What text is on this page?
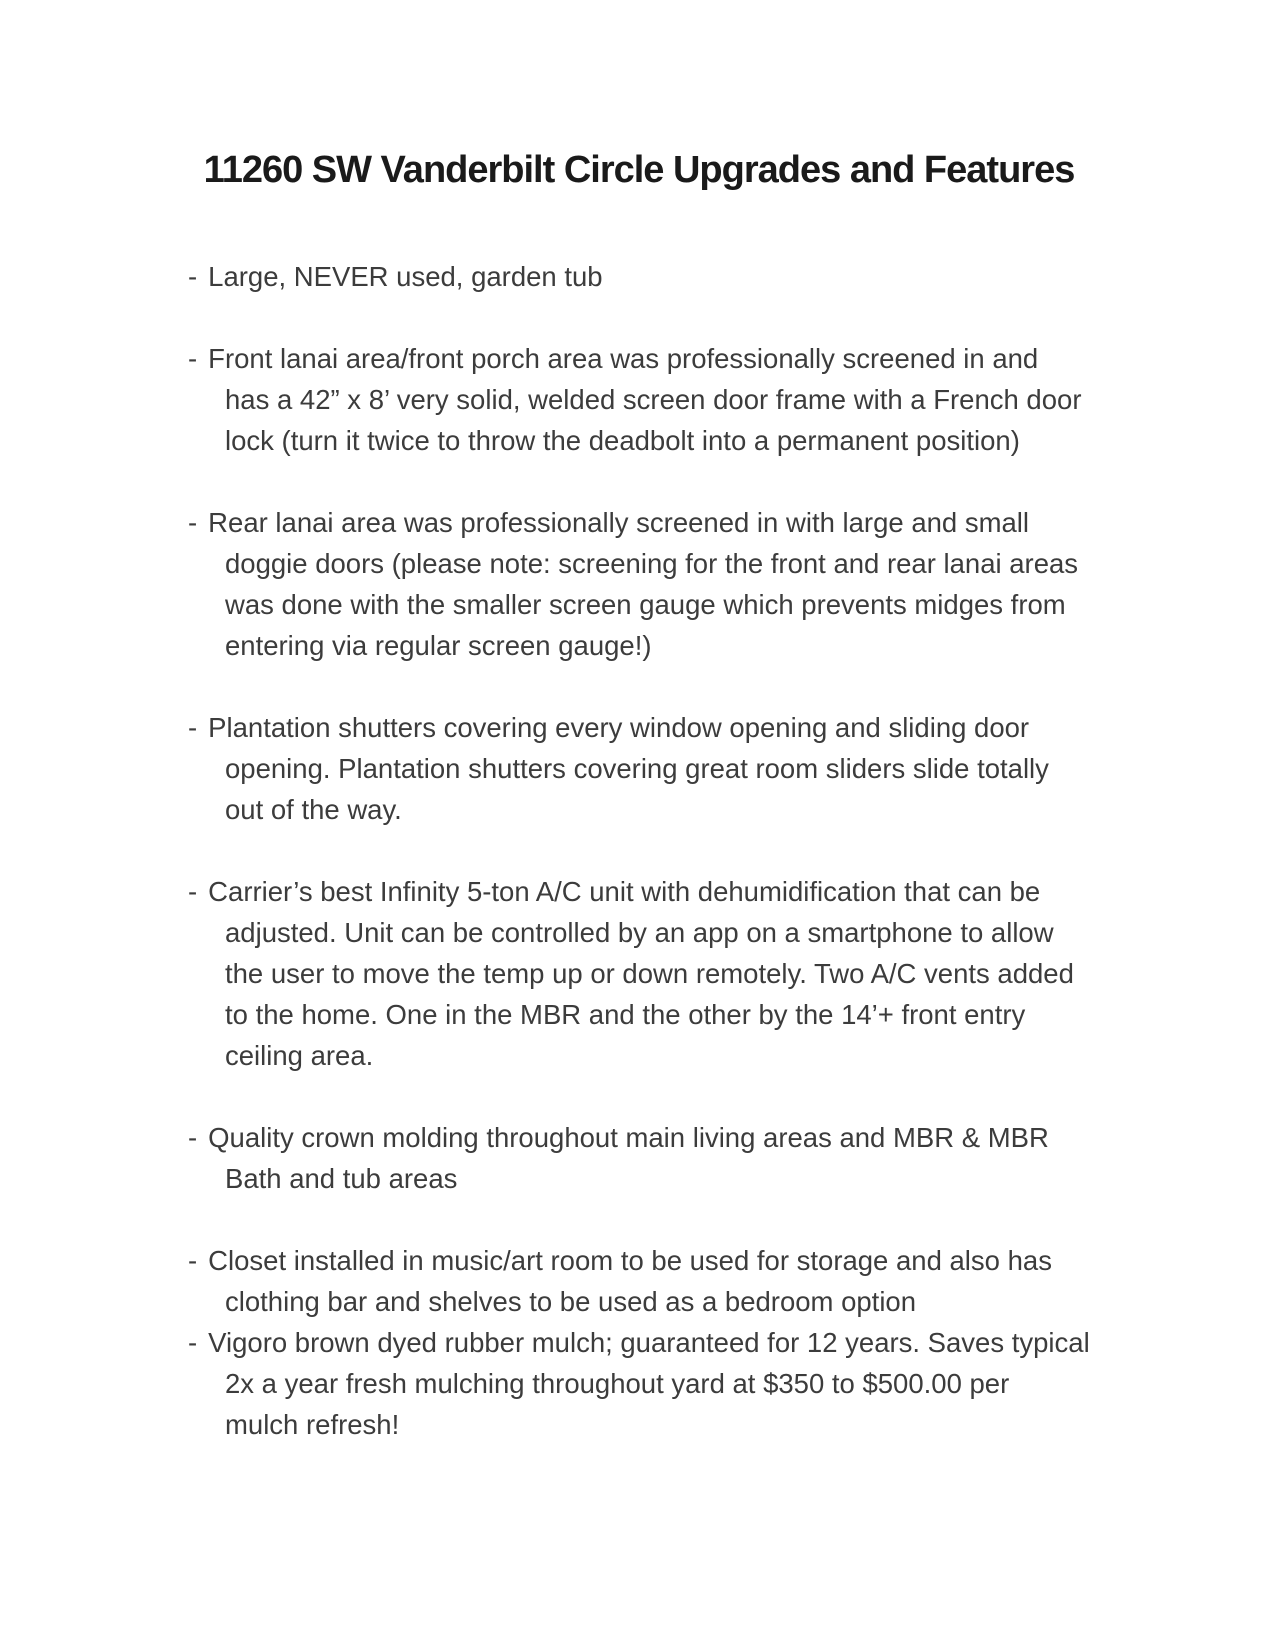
11260 SW Vanderbilt Circle Upgrades and Features

- Large, NEVER used, garden tub

- Front lanai area/front porch area was professionally screened in and has a 42” x 8’ very solid, welded screen door frame with a French door lock (turn it twice to throw the deadbolt into a permanent position)

- Rear lanai area was professionally screened in with large and small doggie doors (please note: screening for the front and rear lanai areas was done with the smaller screen gauge which prevents midges from entering via regular screen gauge!)

- Plantation shutters covering every window opening and sliding door opening. Plantation shutters covering great room sliders slide totally out of the way.

- Carrier’s best Infinity 5-ton A/C unit with dehumidification that can be adjusted. Unit can be controlled by an app on a smartphone to allow the user to move the temp up or down remotely. Two A/C vents added to the home. One in the MBR and the other by the 14’+ front entry ceiling area.

- Quality crown molding throughout main living areas and MBR & MBR Bath and tub areas

- Closet installed in music/art room to be used for storage and also has clothing bar and shelves to be used as a bedroom option

- Vigoro brown dyed rubber mulch; guaranteed for 12 years. Saves typical 2x a year fresh mulching throughout yard at $350 to $500.00 per mulch refresh!
